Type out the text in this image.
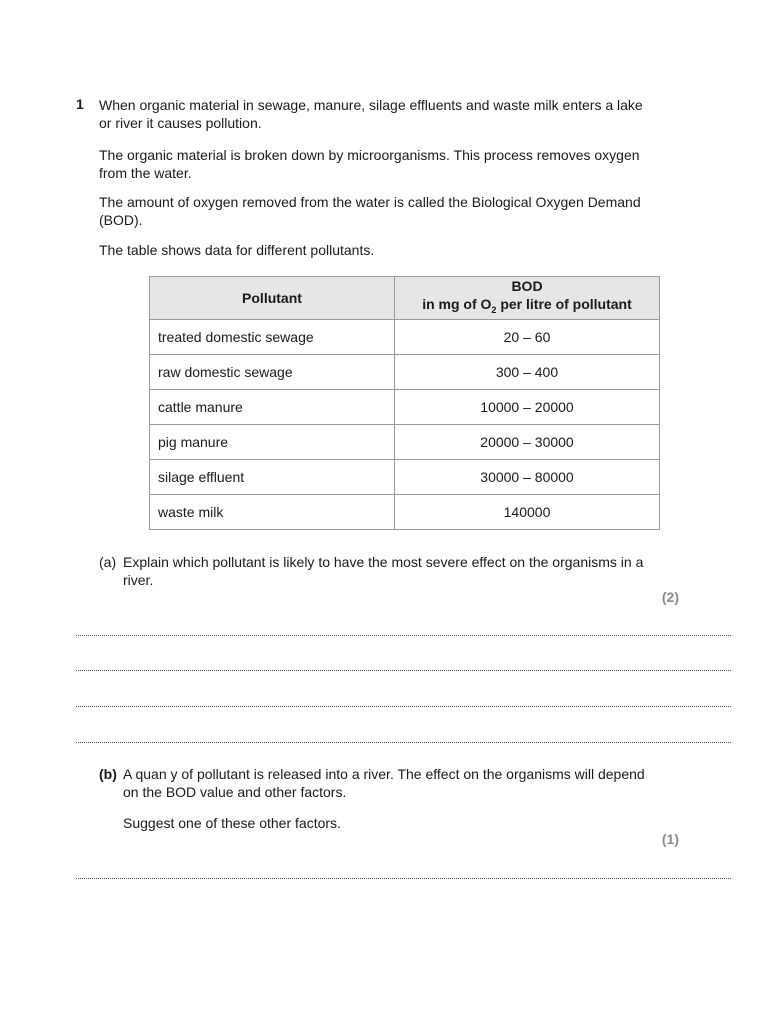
1 When organic material in sewage, manure, silage effluents and waste milk enters a lake or river it causes pollution.

The organic material is broken down by microorganisms. This process removes oxygen from the water.

The amount of oxygen removed from the water is called the Biological Oxygen Demand (BOD).

The table shows data for different pollutants.

Pollutant	BOD
in mg of $O_2$ per litre of pollutant

treated domestic sewage	20 – 60
raw domestic sewage	300 – 400
cattle manure	10000 – 20000
pig manure	20000 – 30000
silage effluent	30000 – 80000
waste milk	140000
(a) Explain which pollutant is likely to have the most severe effect on the organisms in a river.

(2)
(b) A quan y of pollutant is released into a river. The effect on the organisms will depend on the BOD value and other factors.

Suggest one of these other factors.

(1)
